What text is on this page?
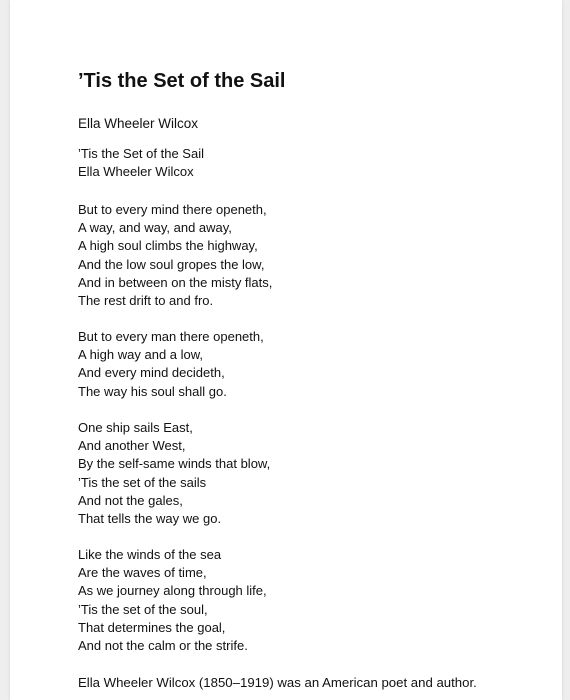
’Tis the Set of the Sail
Ella Wheeler Wilcox
’Tis the Set of the Sail
Ella Wheeler Wilcox
But to every mind there openeth,
A way, and way, and away,
A high soul climbs the highway,
And the low soul gropes the low,
And in between on the misty flats,
The rest drift to and fro.
But to every man there openeth,
A high way and a low,
And every mind decideth,
The way his soul shall go.
One ship sails East,
And another West,
By the self-same winds that blow,
’Tis the set of the sails
And not the gales,
That tells the way we go.
Like the winds of the sea
Are the waves of time,
As we journey along through life,
’Tis the set of the soul,
That determines the goal,
And not the calm or the strife.
Ella Wheeler Wilcox (1850–1919) was an American poet and author.
